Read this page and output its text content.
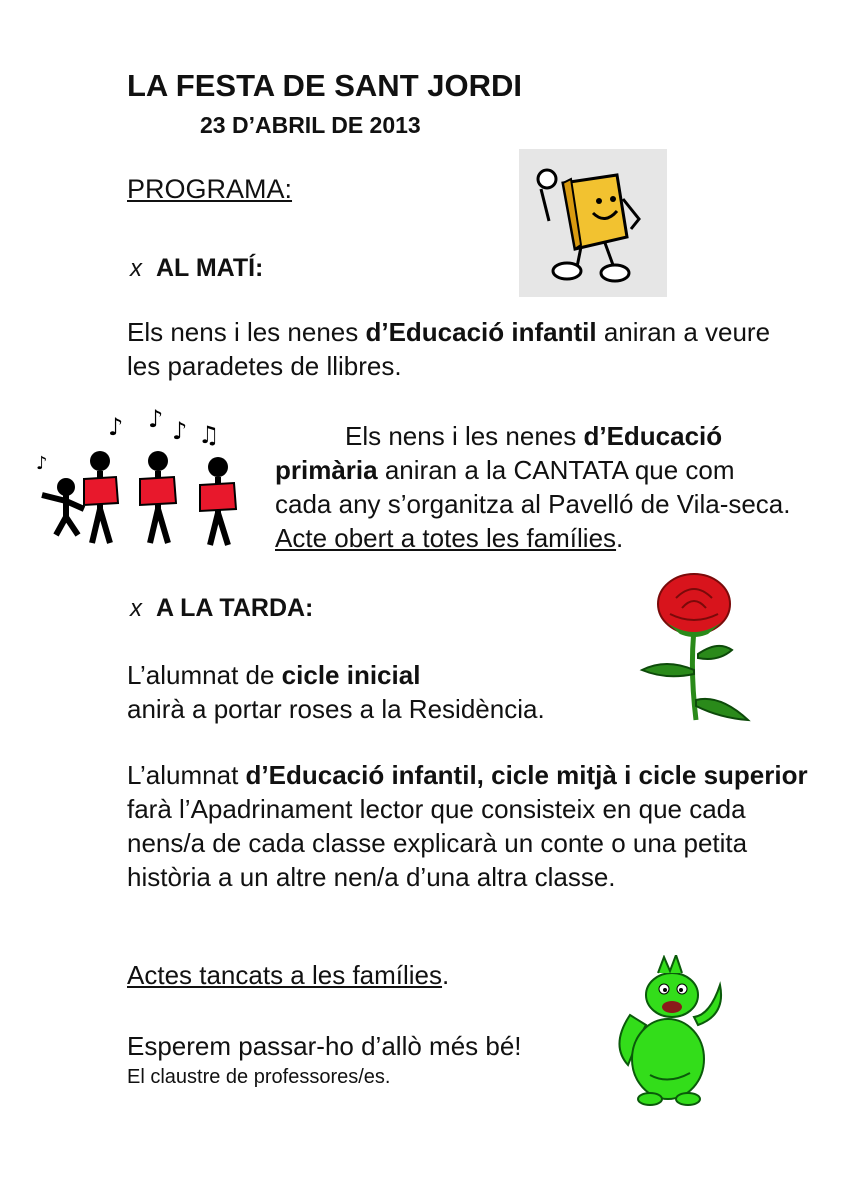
LA FESTA DE SANT JORDI
23 D’ABRIL DE 2013
PROGRAMA:
x AL MATÍ:
Els nens i les nenes d’Educació infantil aniran a veure les paradetes de llibres.
♪ ♪ ♪ ♫
♪
Els nens i les nenes d’Educació primària aniran a la CANTATA que com cada any s’organitza al Pavelló de Vila-seca. Acte obert a totes les famílies.
x A LA TARDA:
L’alumnat de cicle inicial
anirà a portar roses a la Residència.
L’alumnat d’Educació infantil, cicle mitjà i cicle superior farà l’Apadrinament lector que consisteix en que cada nens/a de cada classe explicarà un conte o una petita història a un altre nen/a d’una altra classe.
Actes tancats a les famílies.
Esperem passar-ho d’allò més bé!
El claustre de professores/es.
